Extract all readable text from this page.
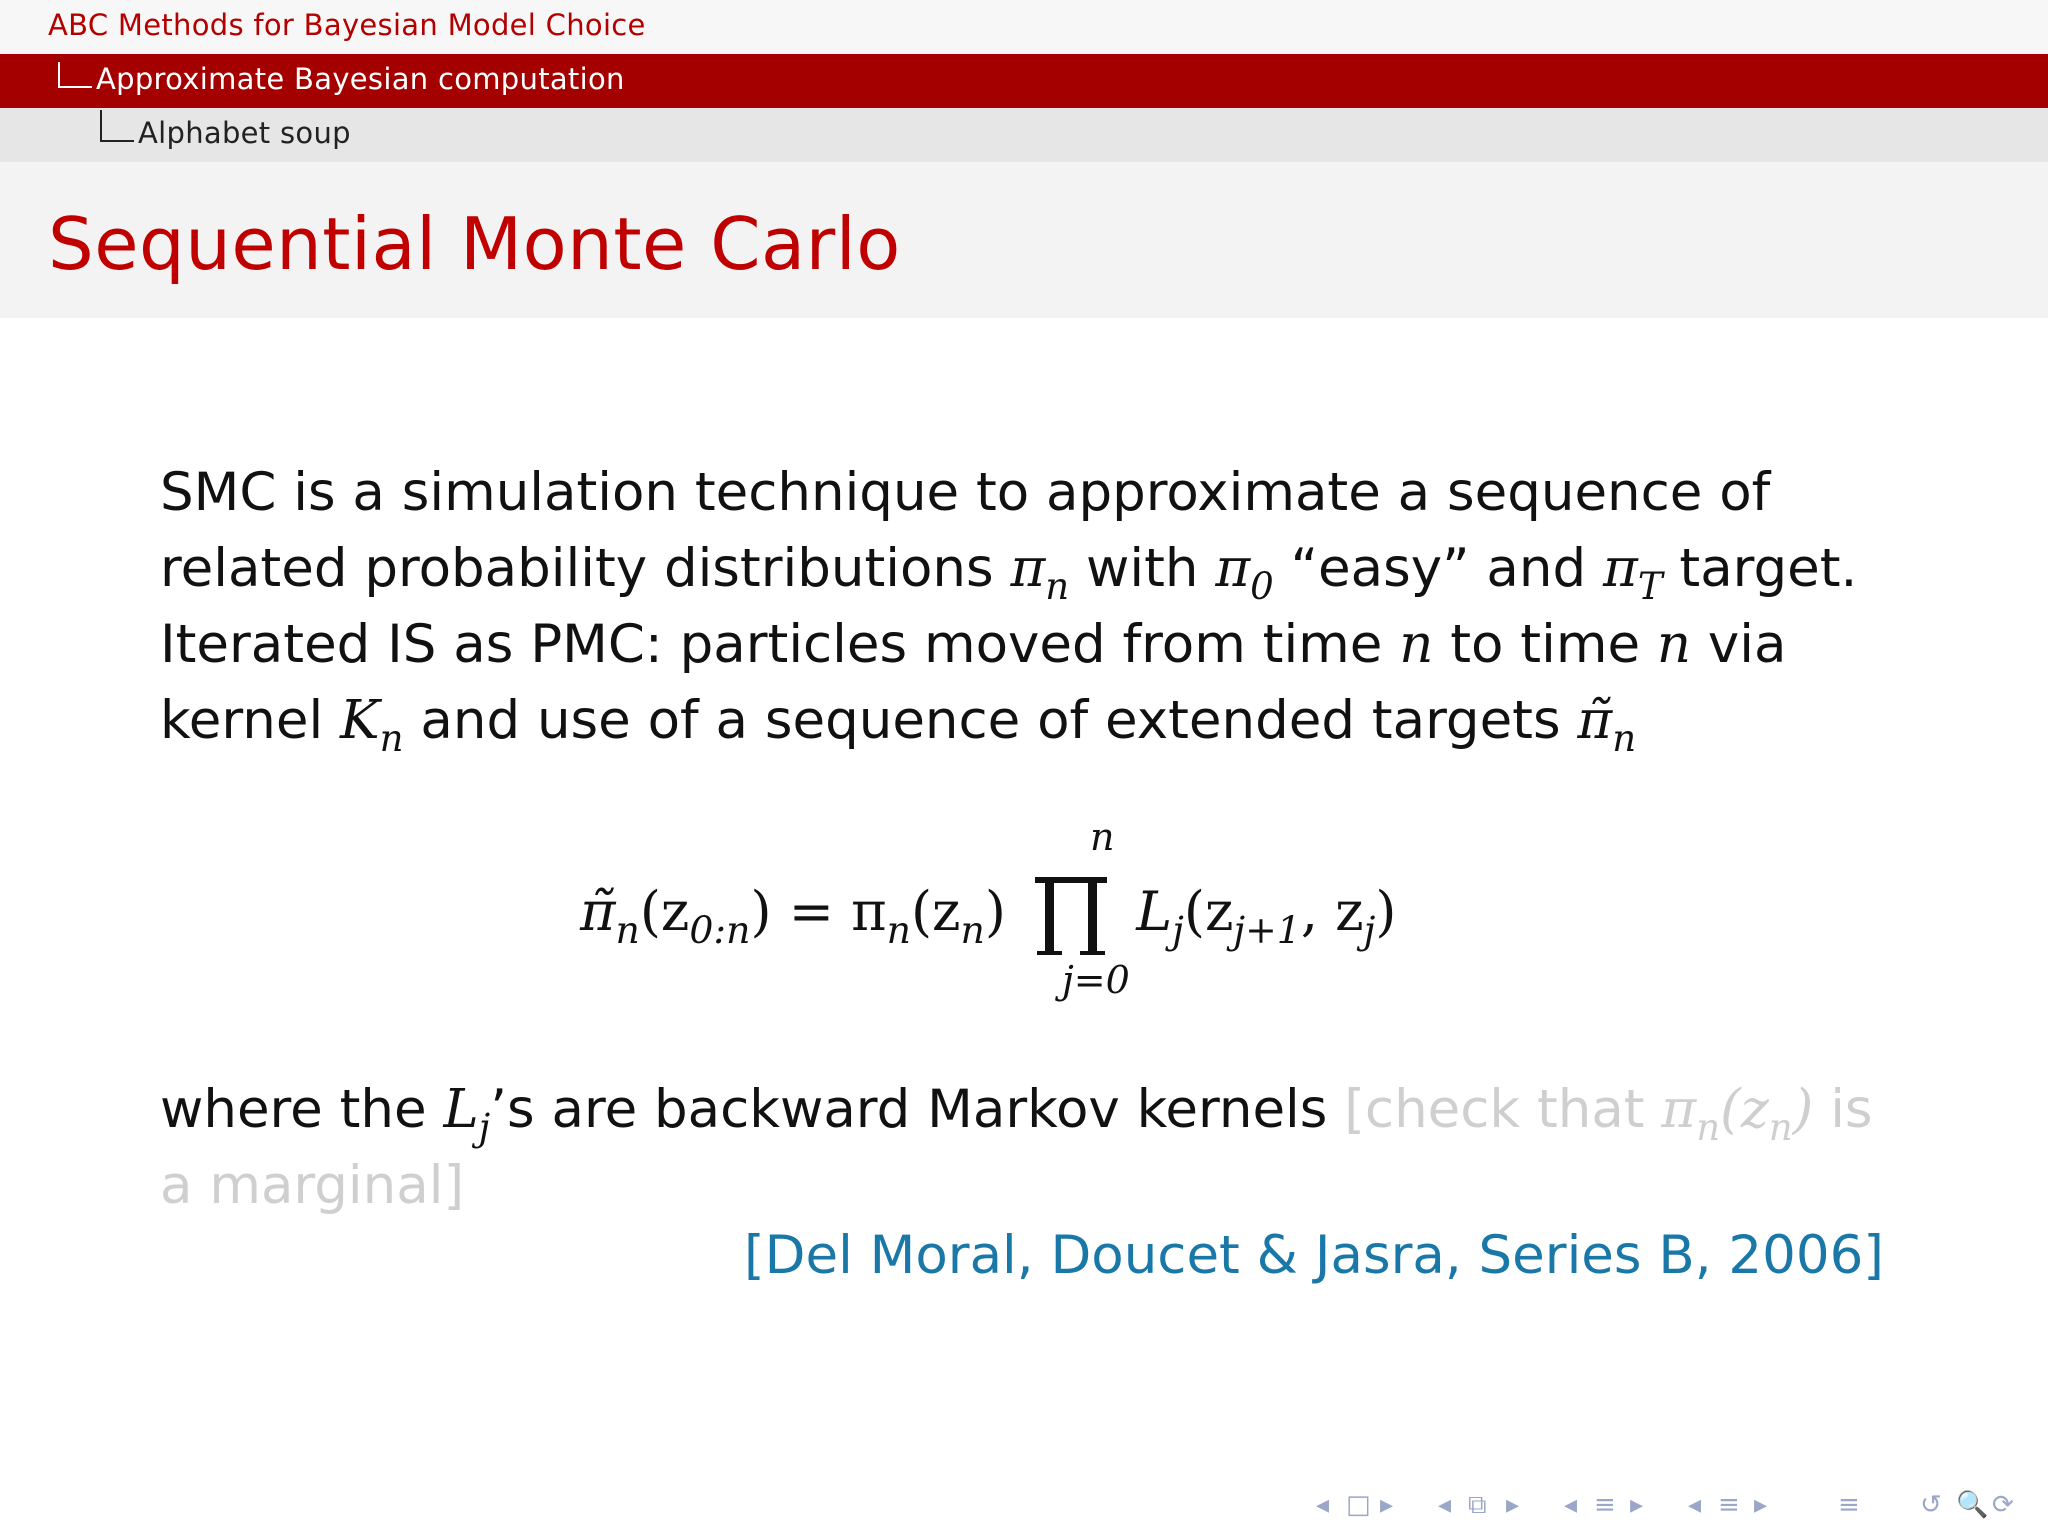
ABC Methods for Bayesian Model Choice
Approximate Bayesian computation
Alphabet soup
Sequential Monte Carlo

SMC is a simulation technique to approximate a sequence of related probability distributions $\pi_n$ with $\pi_0$ “easy” and $\pi_T$ target.

Iterated IS as PMC: particles moved from time n to time n via kernel $K_n$ and use of a sequence of extended targets $\pĩ_n$

n
$\pĩ_n(z_{0:n}) = \pi_n(z_n)$ $L_j(z_{j+1}$, $z_j$)
j=0
where the $L_j’s$ are backward Markov kernels [check that $\pi_n(z_n)$ is a marginal]
[Del Moral, Doucet & Jasra, Series B, 2006]
◂ □ ▸ ◂ ⧉ ▸ ◂ ≡ ▸ ◂ ≡ ▸	≡ ↺ 🔍 ⟳
